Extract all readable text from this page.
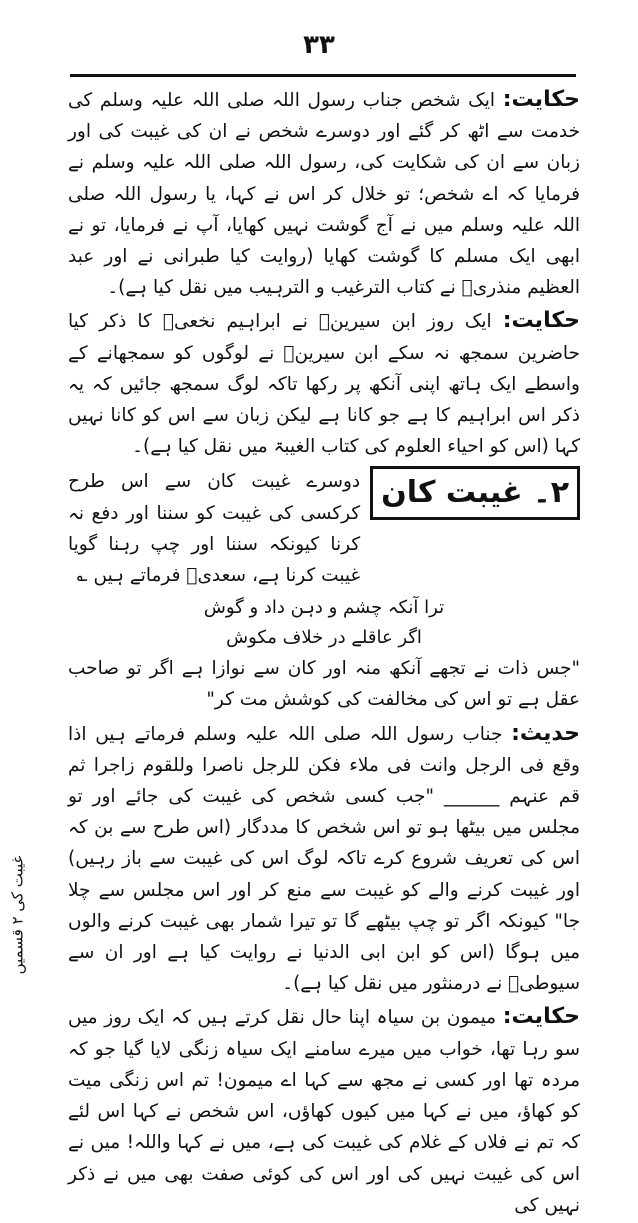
۳۳

حکایت: ایک شخص جناب رسول اللہ صلی اللہ علیہ وسلم کی خدمت سے اٹھ کر گئے اور دوسرے شخص نے ان کی غیبت کی اور زبان سے ان کی شکایت کی، رسول اللہ صلی اللہ علیہ وسلم نے فرمایا کہ اے شخص؛ تو خلال کر اس نے کہا، یا رسول اللہ صلی اللہ علیہ وسلم میں نے آج گوشت نہیں کھایا، آپ نے فرمایا، تو نے ابھی ایک مسلم کا گوشت کھایا (روایت کیا طبرانی نے اور عبد العظیم منذریؒ نے کتاب الترغیب و الترہیب میں نقل کیا ہے)۔

حکایت: ایک روز ابن سیرینؒ نے ابراہیم نخعیؒ کا ذکر کیا حاضرین سمجھ نہ سکے ابن سیرینؒ نے لوگوں کو سمجھانے کے واسطے ایک ہاتھ اپنی آنکھ پر رکھا تاکہ لوگ سمجھ جائیں کہ یہ ذکر اس ابراہیم کا ہے جو کانا ہے لیکن زبان سے اس کو کانا نہیں کہا (اس کو احیاء العلوم کی کتاب الغیبۃ میں نقل کیا ہے)۔

۲۔ غیبت کان
دوسرے غیبت کان سے اس طرح کرکسی کی غیبت کو سننا اور دفع نہ کرنا کیونکہ سننا اور چپ رہنا گویا غیبت کرنا ہے، سعدیؒ فرماتے ہیں ؎
ترا آنکہ چشم و دہن داد و گوش اگر عاقلے در خلاف مکوش

"جس ذات نے تجھے آنکھ منہ اور کان سے نوازا ہے اگر تو صاحب عقل ہے تو اس کی مخالفت کی کوشش مت کر"

حدیث: جناب رسول اللہ صلی اللہ علیہ وسلم فرماتے ہیں اذا وقع فی الرجل وانت فی ملاء فکن للرجل ناصرا وللقوم زاجرا ثم قم عنہم ______ "جب کسی شخص کی غیبت کی جائے اور تو مجلس میں بیٹھا ہو تو اس شخص کا مددگار (اس طرح سے بن کہ اس کی تعریف شروع کرے تاکہ لوگ اس کی غیبت سے باز رہیں) اور غیبت کرنے والے کو غیبت سے منع کر اور اس مجلس سے چلا جا" کیونکہ اگر تو چپ بیٹھے گا تو تیرا شمار بھی غیبت کرنے والوں میں ہوگا (اس کو ابن ابی الدنیا نے روایت کیا ہے اور ان سے سیوطیؒ نے درمنثور میں نقل کیا ہے)۔

حکایت: میمون بن سیاہ اپنا حال نقل کرتے ہیں کہ ایک روز میں سو رہا تھا، خواب میں میرے سامنے ایک سیاہ زنگی لایا گیا جو کہ مردہ تھا اور کسی نے مجھ سے کہا اے میمون! تم اس زنگی میت کو کھاؤ، میں نے کہا میں کیوں کھاؤں، اس شخص نے کہا اس لئے کہ تم نے فلاں کے غلام کی غیبت کی ہے، میں نے کہا واللہ! میں نے اس کی غیبت نہیں کی اور اس کی کوئی صفت بھی میں نے ذکر نہیں کی

غیبت کی ۲ قسمیں
